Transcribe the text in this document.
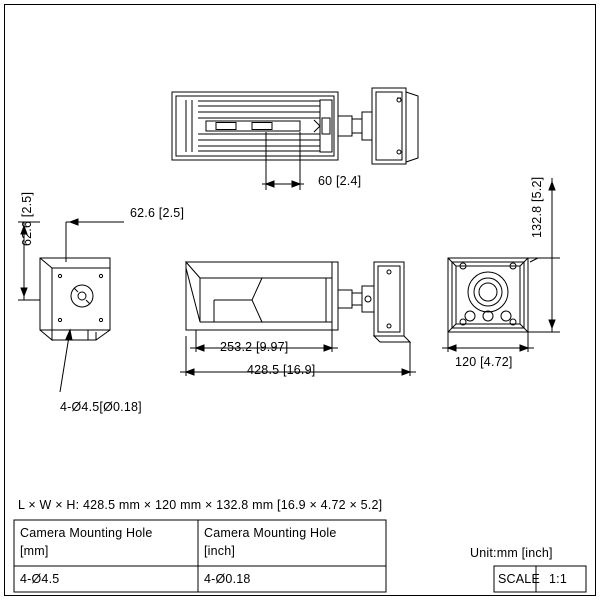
60 [2.4]
62.6 [2.5]	62.6 [2.5]	132.8 [5.2]
253.2 [9.97]
428.5 [16.9]
120 [4.72]
4-Ø4.5[Ø0.18]
L × W × H: 428.5 mm × 120 mm × 132.8 mm [16.9 × 4.72 × 5.2]
Camera Mounting Hole
[mm]
Camera Mounting Hole
[inch]
4-Ø4.5	4-Ø0.18
Unit:mm [inch]
SCALE 1:1
